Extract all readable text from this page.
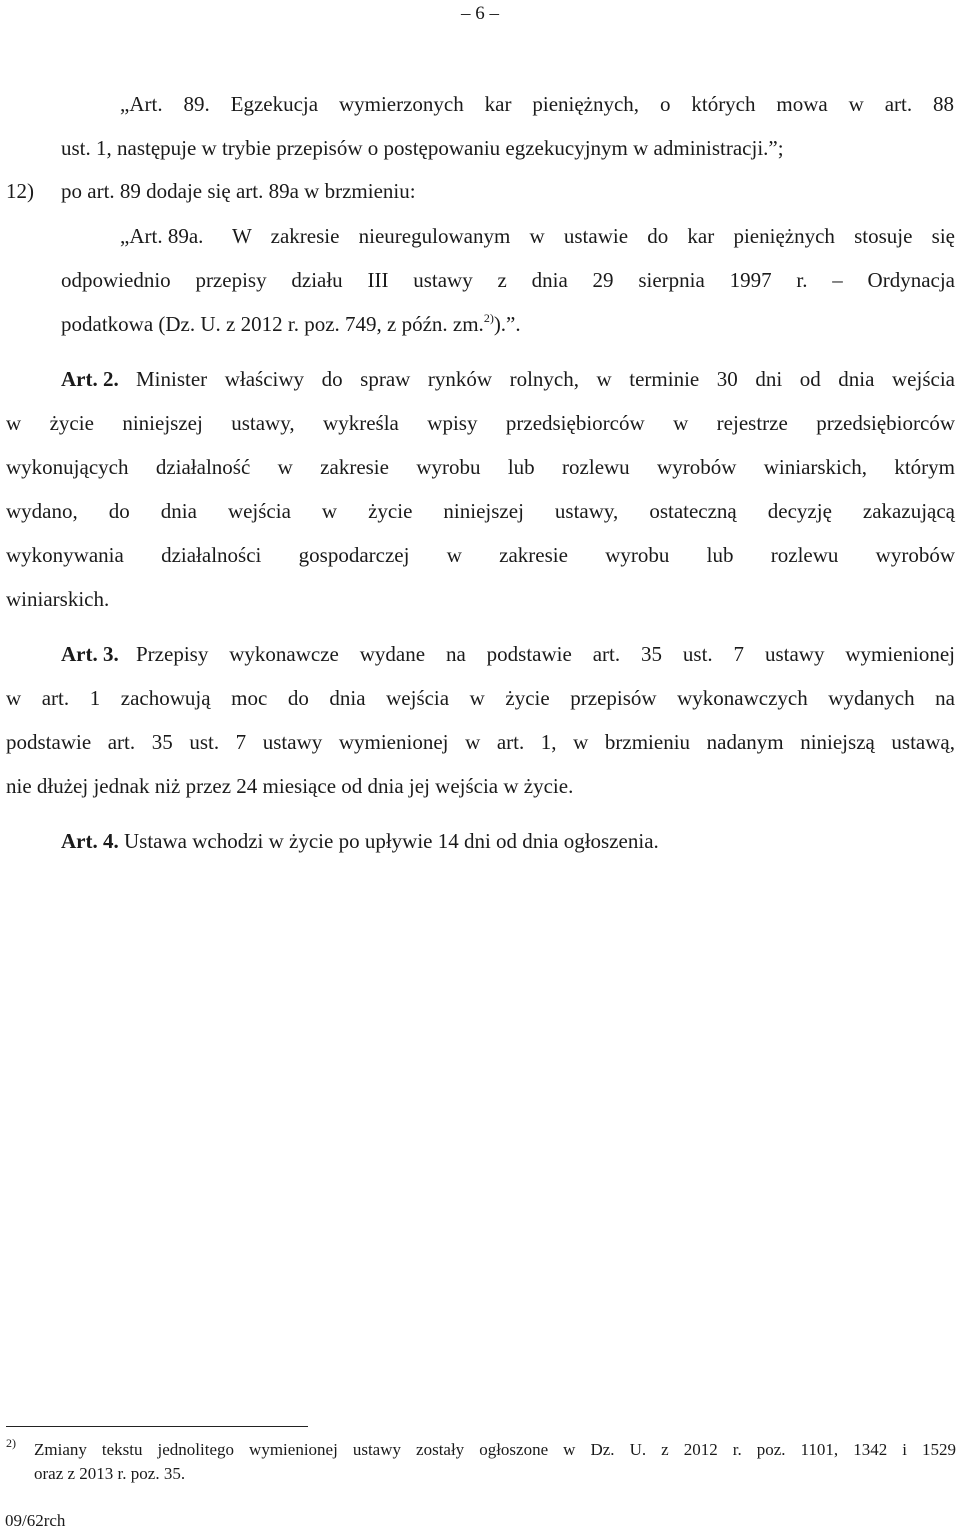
– 6 –
„Art. 89. Egzekucja wymierzonych kar pieniężnych, o których mowa w art. 88
ust. 1, następuje w trybie przepisów o postępowaniu egzekucyjnym w administracji.”;
12) po art. 89 dodaje się art. 89a w brzmieniu:
„Art. 89a. W zakresie nieuregulowanym w ustawie do kar pieniężnych stosuje się
odpowiednio przepisy działu III ustawy z dnia 29 sierpnia 1997 r. – Ordynacja
podatkowa (Dz. U. z 2012 r. poz. 749, z późn. zm.$^{2)}$).”.
Art. 2. Minister właściwy do spraw rynków rolnych, w terminie 30 dni od dnia wejścia
w życie niniejszej ustawy, wykreśla wpisy przedsiębiorców w rejestrze przedsiębiorców
wykonujących działalność w zakresie wyrobu lub rozlewu wyrobów winiarskich, którym
wydano, do dnia wejścia w życie niniejszej ustawy, ostateczną decyzję zakazującą
wykonywania działalności gospodarczej w zakresie wyrobu lub rozlewu wyrobów
winiarskich.
Art. 3. Przepisy wykonawcze wydane na podstawie art. 35 ust. 7 ustawy wymienionej
w art. 1 zachowują moc do dnia wejścia w życie przepisów wykonawczych wydanych na
podstawie art. 35 ust. 7 ustawy wymienionej w art. 1, w brzmieniu nadanym niniejszą ustawą,
nie dłużej jednak niż przez 24 miesiące od dnia jej wejścia w życie.
Art. 4. Ustawa wchodzi w życie po upływie 14 dni od dnia ogłoszenia.
2) Zmiany tekstu jednolitego wymienionej ustawy zostały ogłoszone w Dz. U. z 2012 r. poz. 1101, 1342 i 1529
oraz z 2013 r. poz. 35.
09/62rch
